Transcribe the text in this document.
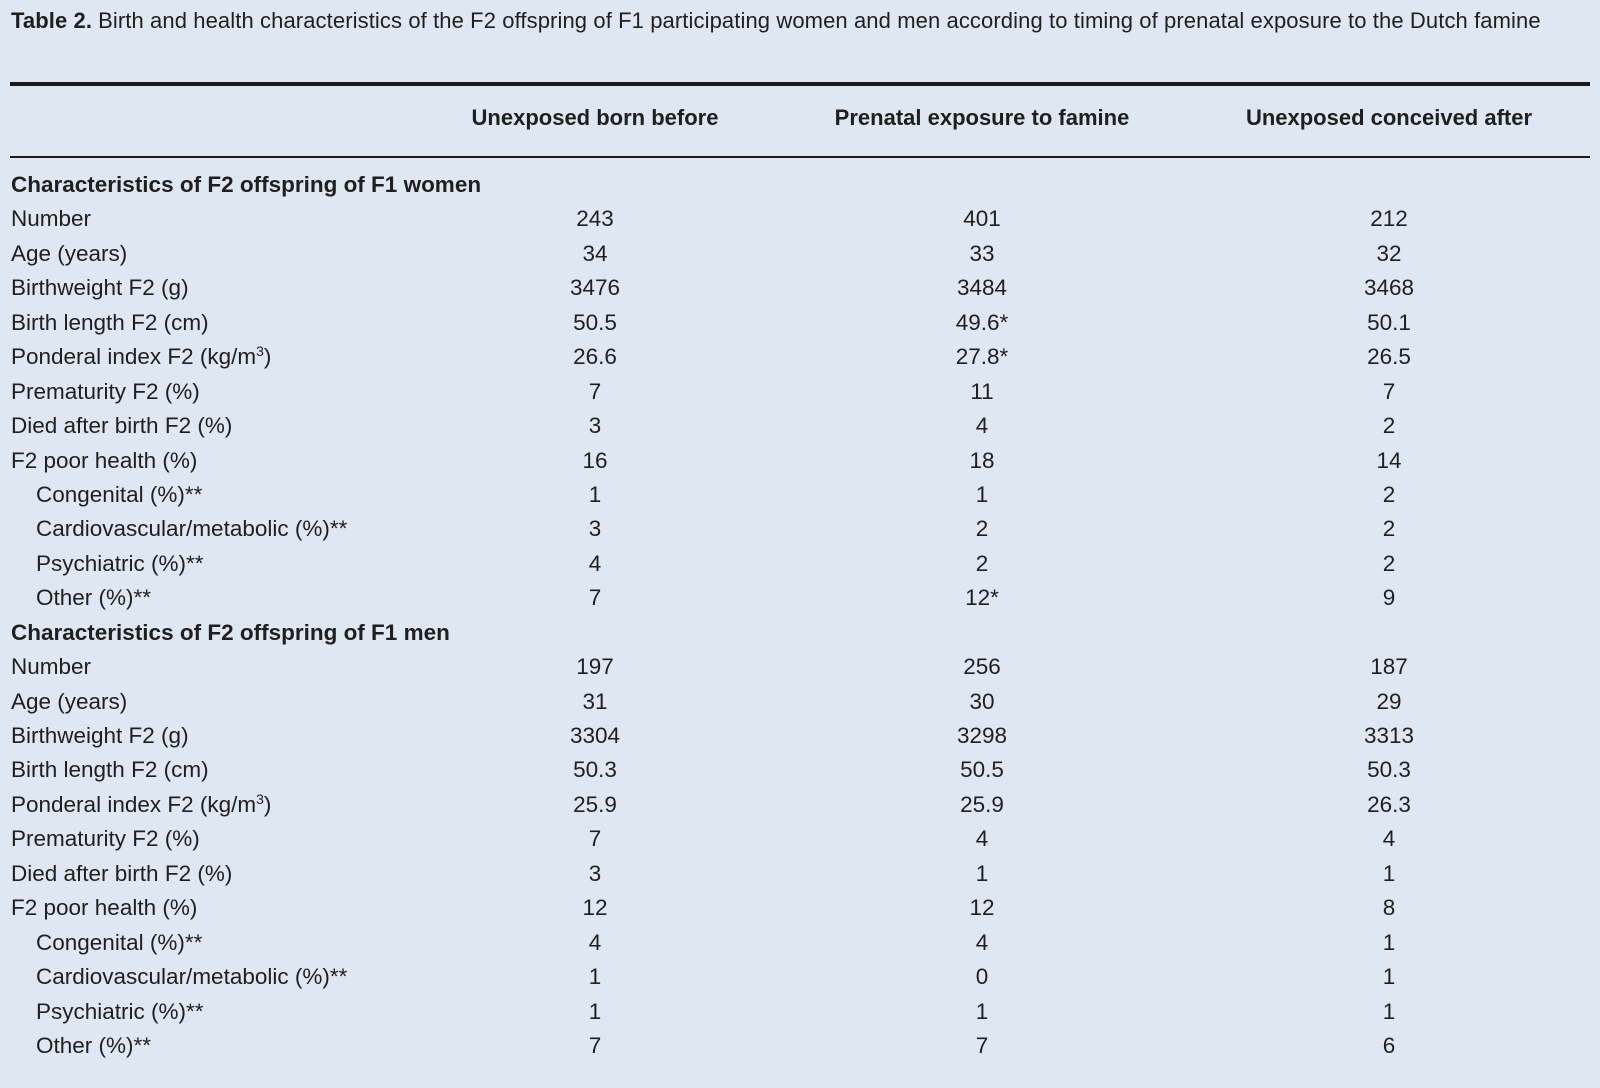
Table 2. Birth and health characteristics of the F2 offspring of F1 participating women and men according to timing of prenatal exposure to the Dutch famine
Unexposed born before	Prenatal exposure to famine	Unexposed conceived after
Characteristics of F2 offspring of F1 women
Number	243	401	212
Age (years)	34	33	32
Birthweight F2 (g)	3476	3484	3468
Birth length F2 (cm)	50.5	49.6*	50.1
Ponderal index F2 $(kg/m^3)$	26.6	27.8*	26.5
Prematurity F2 (%)	7	11	7
Died after birth F2 (%)	3	4	2
F2 poor health (%)	16	18	14
Congenital (%)**	1	1	2
Cardiovascular/metabolic (%)**	3	2	2
Psychiatric (%)**	4	2	2
Other (%)**	7	12*	9
Characteristics of F2 offspring of F1 men
Number	197	256	187
Age (years)	31	30	29
Birthweight F2 (g)	3304	3298	3313
Birth length F2 (cm)	50.3	50.5	50.3
Ponderal index F2 $(kg/m^3)$	25.9	25.9	26.3
Prematurity F2 (%)	7	4	4
Died after birth F2 (%)	3	1	1
F2 poor health (%)	12	12	8
Congenital (%)**	4	4	1
Cardiovascular/metabolic (%)**	1	0	1
Psychiatric (%)**	1	1	1
Other (%)**	7	7	6
